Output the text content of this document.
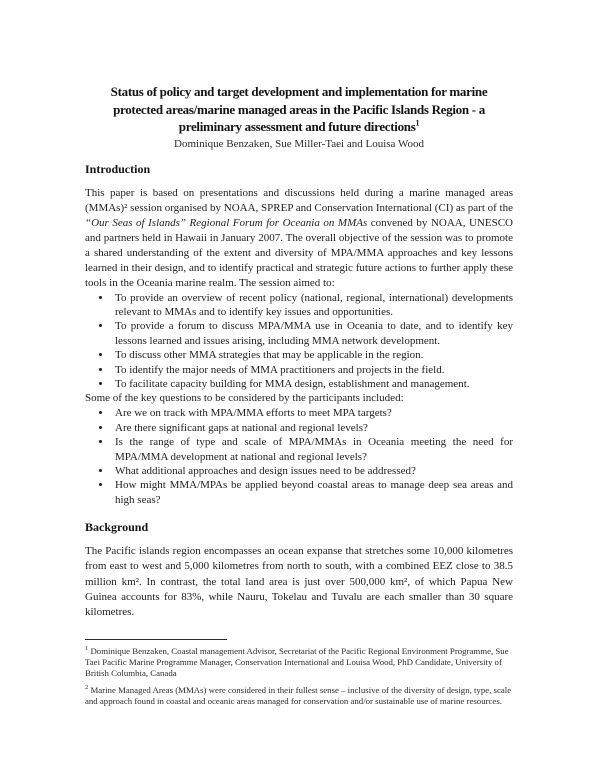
Status of policy and target development and implementation for marine
protected areas/marine managed areas in the Pacific Islands Region - a
preliminary assessment and future directions$^1$
Dominique Benzaken, Sue Miller-Taei and Louisa Wood
Introduction

This paper is based on presentations and discussions held during a marine managed areas (MMAs)² session organised by NOAA, SPREP and Conservation International (CI) as part of the “Our Seas of Islands” Regional Forum for Oceania on MMAs convened by NOAA, UNESCO and partners held in Hawaii in January 2007. The overall objective of the session was to promote a shared understanding of the extent and diversity of MPA/MMA approaches and key lessons learned in their design, and to identify practical and strategic future actions to further apply these tools in the Oceania marine realm. The session aimed to:

• To provide an overview of recent policy (national, regional, international) developments relevant to MMAs and to identify key issues and opportunities.
• To provide a forum to discuss MPA/MMA use in Oceania to date, and to identify key lessons learned and issues arising, including MMA network development.
• To discuss other MMA strategies that may be applicable in the region.
• To identify the major needs of MMA practitioners and projects in the field.
• To facilitate capacity building for MMA design, establishment and management.

Some of the key questions to be considered by the participants included:

• Are we on track with MPA/MMA efforts to meet MPA targets?
• Are there significant gaps at national and regional levels?
• Is the range of type and scale of MPA/MMAs in Oceania meeting the need for MPA/MMA development at national and regional levels?
• What additional approaches and design issues need to be addressed?
• How might MMA/MPAs be applied beyond coastal areas to manage deep sea areas and high seas?
Background

The Pacific islands region encompasses an ocean expanse that stretches some 10,000 kilometres from east to west and 5,000 kilometres from north to south, with a combined EEZ close to 38.5 million km². In contrast, the total land area is just over 500,000 km², of which Papua New Guinea accounts for 83%, while Nauru, Tokelau and Tuvalu are each smaller than 30 square kilometres.

$^1$ Dominique Benzaken, Coastal management Advisor, Secretariat of the Pacific Regional Environment Programme, Sue Taei Pacific Marine Programme Manager, Conservation International and Louisa Wood, PhD Candidate, University of British Columbia, Canada

$^2$ Marine Managed Areas (MMAs) were considered in their fullest sense – inclusive of the diversity of design, type, scale and approach found in coastal and oceanic areas managed for conservation and/or sustainable use of marine resources.
